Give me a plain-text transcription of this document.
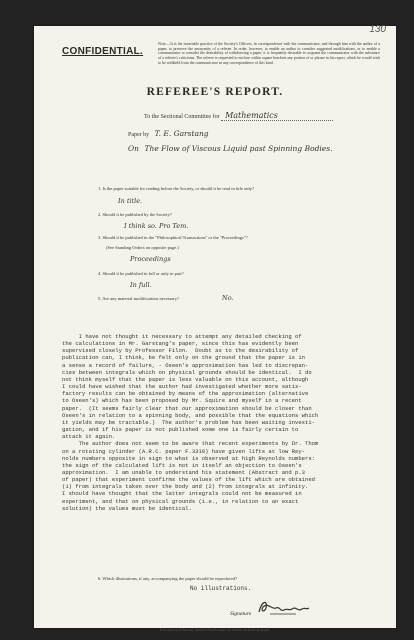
130
CONFIDENTIAL.
Note.—It is the invariable practice of the Society's Officers, in correspondence with the communicator, and through him with the author of a paper, to preserve the anonymity of a referee. In order, however, to enable an author to consider suggested modifications, or to enable a communicator to consider the desirability of withdrawing a paper, it is frequently desirable to acquaint the communicator with the substance of a referee's criticisms. The referee is requested to enclose within square brackets any portion of or phrase in his report, which he would wish to be withheld from the communicator in any correspondence of this kind.
REFEREE'S REPORT.
To the Sectional Committee for Mathematics
Paper by T. E. Garstang
On The Flow of Viscous Liquid past Spinning Bodies.
1. Is the paper suitable for reading before the Society, or should it be read in title only?
In title.
2. Should it be published by the Society?
I think so. Pro Tem.
3. Should it be published in the "Philosophical Transactions" or the "Proceedings"?
(See Standing Orders on opposite page.)
Proceedings
4. Should it be published in full or only in part?
In full.
5. Are any material modifications necessary?	No.
I have not thought it necessary to attempt any detailed checking of
the calculations in Mr. Garstang's paper, since this has evidently been
supervised closely by Professor Filon.  Doubt as to the desirability of
publication can, I think, be felt only on the ground that the paper is in
a sense a record of failure, - Oseen's approximation has led to discrepan-
cies between integrals which on physical grounds should be identical.  I do
not think myself that the paper is less valuable on this account, although
I could have wished that the author had investigated whether more satis-
factory results can be obtained by means of the approximation (alternative
to Oseen's) which has been proposed by Mr. Squire and myself in a recent
paper.  (It seems fairly clear that our approximation should be closer than
Oseen's in relation to a spinning body, and possible that the equations which
it yields may be tractable.)  The author's problem has been waiting investi-
gation, and if his paper is not published some one is fairly certain to
attack it again.
The author does not seem to be aware that recent experiments by Dr. Thom
on a rotating cylinder (A.R.C. paper F.3319) have given lifts at low Rey-
nolds numbers opposite in sign to what is observed at high Reynolds numbers:
the sign of the calculated lift is not in itself an objection to Oseen's
approximation.  I am unable to understand his statement (Abstract and p.3
of paper) that experiment confirms the values of the lift which are obtained
(1) from integrals taken over the body and (2) from integrals at infinity.
I should have thought that the latter integrals could not be measured in
experiment, and that on physical grounds (i.e., in relation to an exact
solution) the values must be identical.
6. Which illustrations, if any, accompanying the paper should be reproduced?
No illustrations.
Signature
It is requested that any further remarks may be written on back-up paper.
